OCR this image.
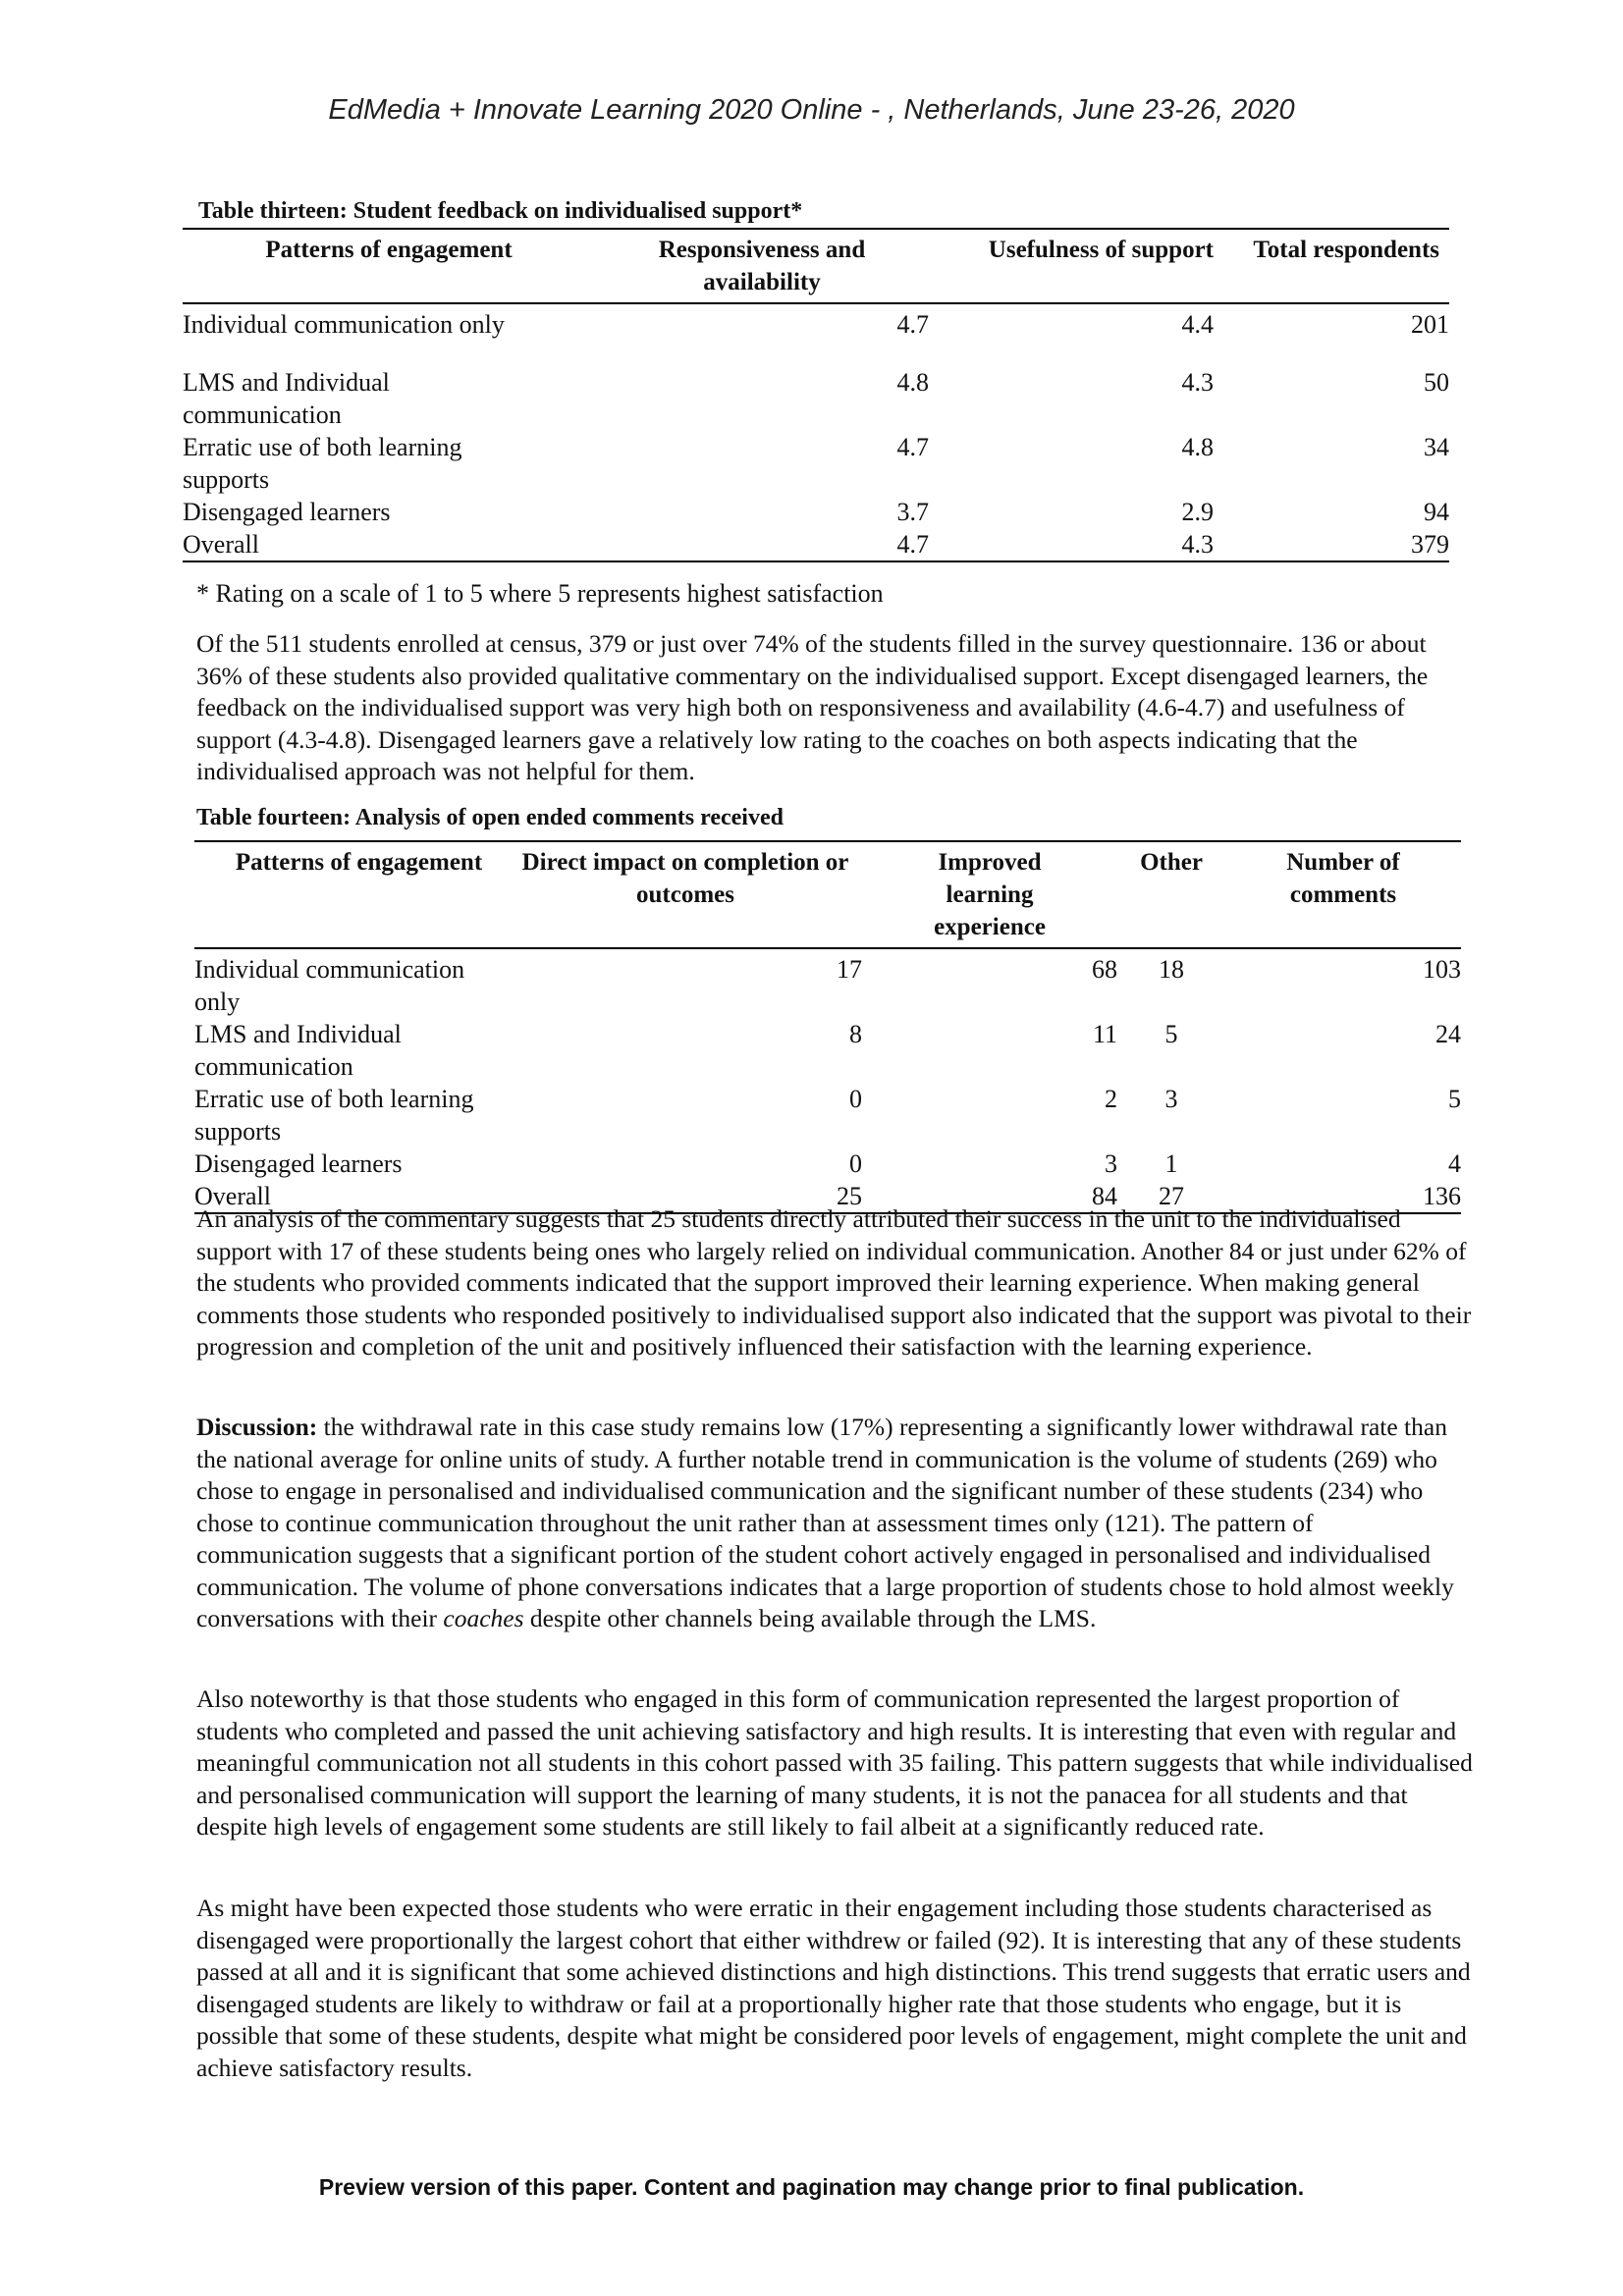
EdMedia + Innovate Learning 2020 Online - , Netherlands, June 23-26, 2020
Table thirteen: Student feedback on individualised support*
Patterns of engagement	Responsiveness and availability	Usefulness of support	Total respondents
Individual communication only	4.7	4.4	201
LMS and Individual communication	4.8	4.3	50
Erratic use of both learning supports	4.7	4.8	34
Disengaged learners	3.7	2.9	94
Overall	4.7	4.3	379
* Rating on a scale of 1 to 5 where 5 represents highest satisfaction

Of the 511 students enrolled at census, 379 or just over 74% of the students filled in the survey questionnaire. 136 or about 36% of these students also provided qualitative commentary on the individualised support. Except disengaged learners, the feedback on the individualised support was very high both on responsiveness and availability (4.6-4.7) and usefulness of support (4.3-4.8). Disengaged learners gave a relatively low rating to the coaches on both aspects indicating that the individualised approach was not helpful for them.

Table fourteen: Analysis of open ended comments received
Patterns of engagement	Direct impact on completion or outcomes	Improved learning experience	Other	Number of comments
Individual communication only	17	68	18	103
LMS and Individual communication	8	11	5	24
Erratic use of both learning supports	0	2	3	5
Disengaged learners	0	3	1	4
Overall	25	84	27	136

An analysis of the commentary suggests that 25 students directly attributed their success in the unit to the individualised support with 17 of these students being ones who largely relied on individual communication. Another 84 or just under 62% of the students who provided comments indicated that the support improved their learning experience. When making general comments those students who responded positively to individualised support also indicated that the support was pivotal to their progression and completion of the unit and positively influenced their satisfaction with the learning experience.

Discussion: the withdrawal rate in this case study remains low (17%) representing a significantly lower withdrawal rate than the national average for online units of study. A further notable trend in communication is the volume of students (269) who chose to engage in personalised and individualised communication and the significant number of these students (234) who chose to continue communication throughout the unit rather than at assessment times only (121). The pattern of communication suggests that a significant portion of the student cohort actively engaged in personalised and individualised communication. The volume of phone conversations indicates that a large proportion of students chose to hold almost weekly conversations with their coaches despite other channels being available through the LMS.

Also noteworthy is that those students who engaged in this form of communication represented the largest proportion of students who completed and passed the unit achieving satisfactory and high results. It is interesting that even with regular and meaningful communication not all students in this cohort passed with 35 failing. This pattern suggests that while individualised and personalised communication will support the learning of many students, it is not the panacea for all students and that despite high levels of engagement some students are still likely to fail albeit at a significantly reduced rate.

As might have been expected those students who were erratic in their engagement including those students characterised as disengaged were proportionally the largest cohort that either withdrew or failed (92). It is interesting that any of these students passed at all and it is significant that some achieved distinctions and high distinctions. This trend suggests that erratic users and disengaged students are likely to withdraw or fail at a proportionally higher rate that those students who engage, but it is possible that some of these students, despite what might be considered poor levels of engagement, might complete the unit and achieve satisfactory results.

Preview version of this paper. Content and pagination may change prior to final publication.
